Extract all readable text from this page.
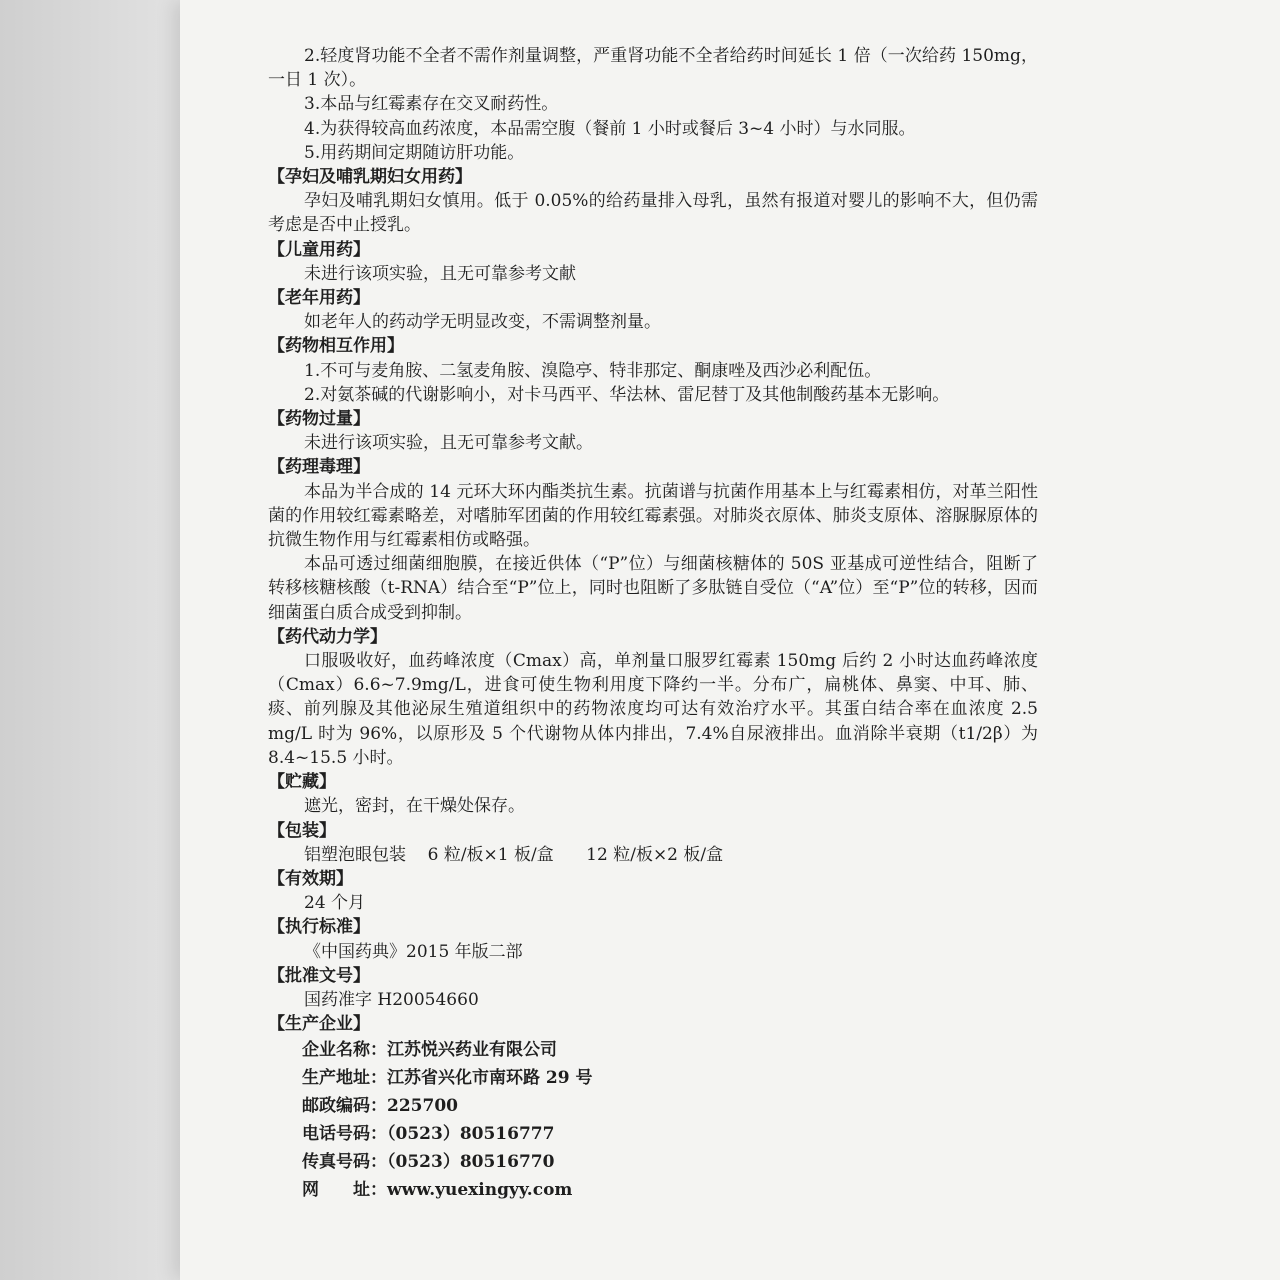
2.轻度肾功能不全者不需作剂量调整，严重肾功能不全者给药时间延长 1 倍（一次给药 150mg，一日 1 次）。

3.本品与红霉素存在交叉耐药性。

4.为获得较高血药浓度，本品需空腹（餐前 1 小时或餐后 3~4 小时）与水同服。

5.用药期间定期随访肝功能。

【孕妇及哺乳期妇女用药】

孕妇及哺乳期妇女慎用。低于 0.05%的给药量排入母乳，虽然有报道对婴儿的影响不大，但仍需考虑是否中止授乳。

【儿童用药】

未进行该项实验，且无可靠参考文献

【老年用药】

如老年人的药动学无明显改变，不需调整剂量。

【药物相互作用】

1.不可与麦角胺、二氢麦角胺、溴隐亭、特非那定、酮康唑及西沙必利配伍。

2.对氨茶碱的代谢影响小，对卡马西平、华法林、雷尼替丁及其他制酸药基本无影响。

【药物过量】

未进行该项实验，且无可靠参考文献。

【药理毒理】

本品为半合成的 14 元环大环内酯类抗生素。抗菌谱与抗菌作用基本上与红霉素相仿，对革兰阳性菌的作用较红霉素略差，对嗜肺军团菌的作用较红霉素强。对肺炎衣原体、肺炎支原体、溶脲脲原体的抗微生物作用与红霉素相仿或略强。

本品可透过细菌细胞膜，在接近供体（“P”位）与细菌核糖体的 50S 亚基成可逆性结合，阻断了转移核糖核酸（t-RNA）结合至“P”位上，同时也阻断了多肽链自受位（“A”位）至“P”位的转移，因而细菌蛋白质合成受到抑制。

【药代动力学】

口服吸收好，血药峰浓度（Cmax）高，单剂量口服罗红霉素 150mg 后约 2 小时达血药峰浓度（Cmax）6.6~7.9mg/L，进食可使生物利用度下降约一半。分布广，扁桃体、鼻窦、中耳、肺、痰、前列腺及其他泌尿生殖道组织中的药物浓度均可达有效治疗水平。其蛋白结合率在血浓度 2.5 mg/L 时为 96%，以原形及 5 个代谢物从体内排出，7.4%自尿液排出。血消除半衰期（t1/2β）为 8.4~15.5 小时。

【贮藏】

遮光，密封，在干燥处保存。

【包装】

铝塑泡眼包装    6 粒/板×1 板/盒      12 粒/板×2 板/盒

【有效期】

24 个月

【执行标准】

《中国药典》2015 年版二部

【批准文号】

国药准字 H20054660

【生产企业】

企业名称：江苏悦兴药业有限公司

生产地址：江苏省兴化市南环路 29 号

邮政编码：225700

电话号码：（0523）80516777

传真号码：（0523）80516770

网　　址：www.yuexingyy.com
